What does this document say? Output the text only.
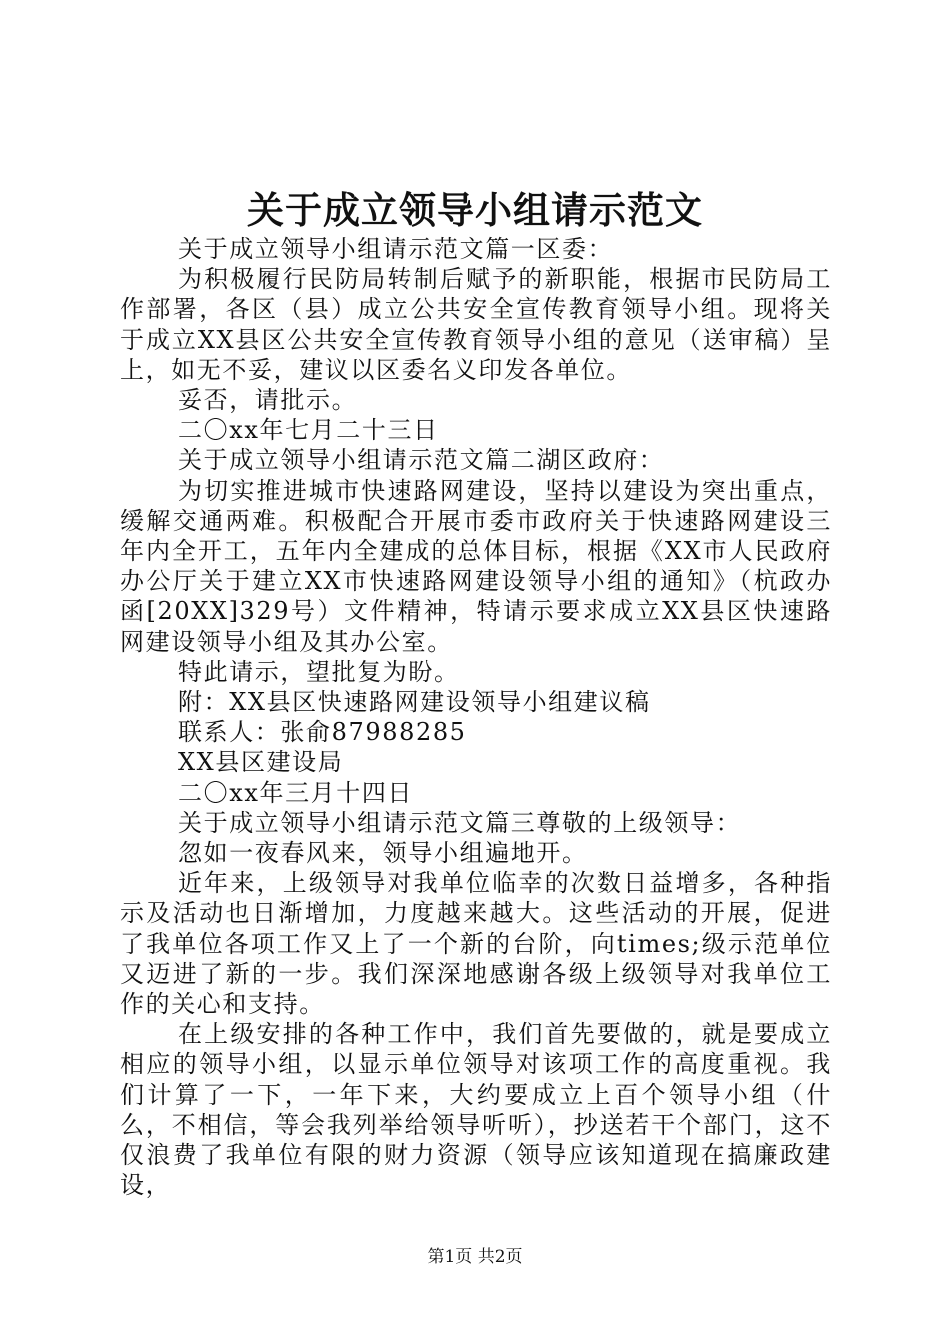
关于成立领导小组请示范文

关于成立领导小组请示范文篇一区委：

为积极履行民防局转制后赋予的新职能，根据市民防局工作部署，各区（县）成立公共安全宣传教育领导小组。现将关于成立XX县区公共安全宣传教育领导小组的意见（送审稿）呈上，如无不妥，建议以区委名义印发各单位。

妥否，请批示。

二〇xx年七月二十三日

关于成立领导小组请示范文篇二湖区政府：

为切实推进城市快速路网建设，坚持以建设为突出重点，缓解交通两难。积极配合开展市委市政府关于快速路网建设三年内全开工，五年内全建成的总体目标，根据《XX市人民政府办公厅关于建立XX市快速路网建设领导小组的通知》（杭政办函[20XX]329号）文件精神，特请示要求成立XX县区快速路网建设领导小组及其办公室。

特此请示，望批复为盼。

附：XX县区快速路网建设领导小组建议稿

联系人：张俞87988285

XX县区建设局

二〇xx年三月十四日

关于成立领导小组请示范文篇三尊敬的上级领导：

忽如一夜春风来，领导小组遍地开。

近年来，上级领导对我单位临幸的次数日益增多，各种指示及活动也日渐增加，力度越来越大。这些活动的开展，促进了我单位各项工作又上了一个新的台阶，向times;级示范单位又迈进了新的一步。我们深深地感谢各级上级领导对我单位工作的关心和支持。

在上级安排的各种工作中，我们首先要做的，就是要成立相应的领导小组，以显示单位领导对该项工作的高度重视。我们计算了一下，一年下来，大约要成立上百个领导小组（什么，不相信，等会我列举给领导听听），抄送若干个部门，这不仅浪费了我单位有限的财力资源（领导应该知道现在搞廉政建设，

第1页 共2页
